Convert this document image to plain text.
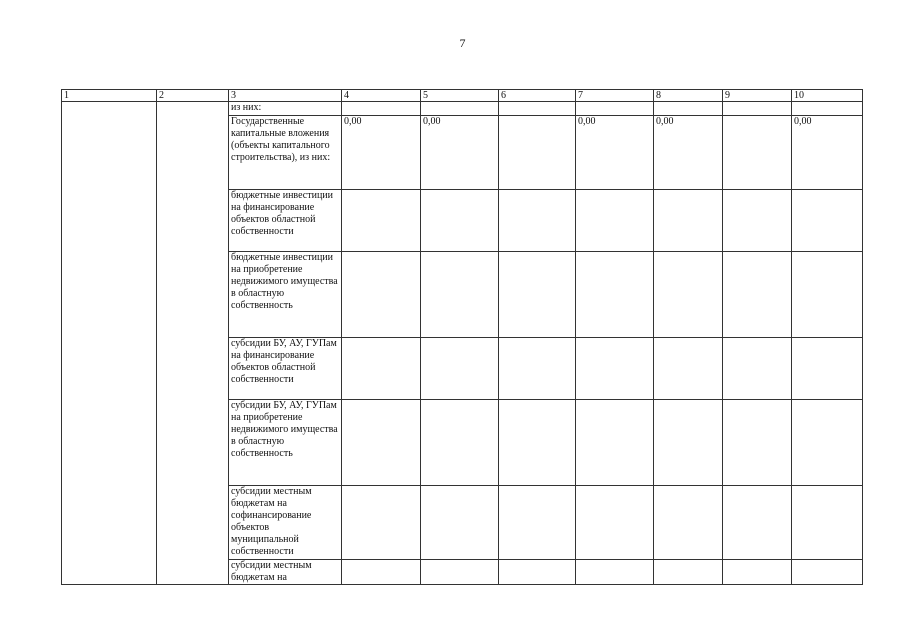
7
1	2	3	4	5	6	7	8	9	10
		из них:							
		Государственные капитальные вложения (объекты капитального строительства), из них:	0,00	0,00		0,00	0,00		0,00
		бюджетные инвестиции на финансирование объектов областной собственности							
		бюджетные инвестиции на приобретение недвижимого имущества в областную собственность							
		субсидии БУ, АУ, ГУПам на финансирование объектов областной собственности							
		субсидии БУ, АУ, ГУПам на приобретение недвижимого имущества в областную собственность							
		субсидии местным бюджетам на софинансирование объектов муниципальной собственности							
		субсидии местным бюджетам на							
